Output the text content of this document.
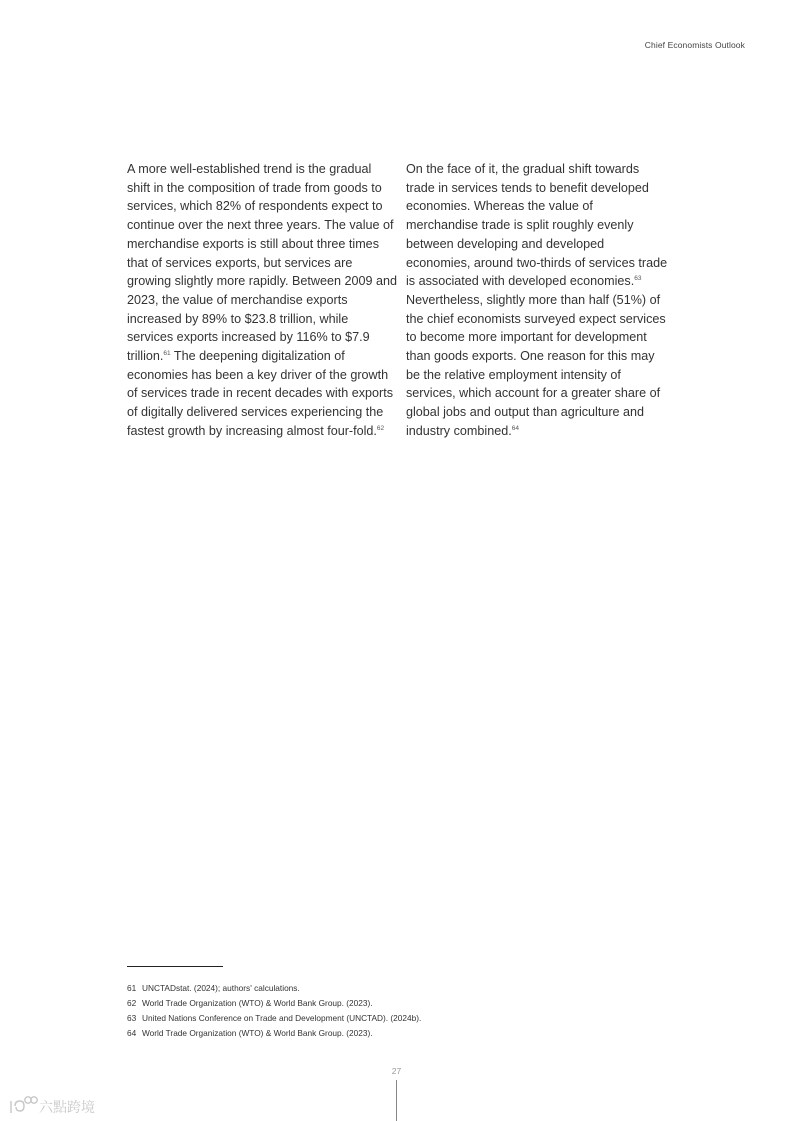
Chief Economists Outlook

A more well-established trend is the gradual shift in the composition of trade from goods to services, which 82% of respondents expect to continue over the next three years. The value of merchandise exports is still about three times that of services exports, but services are growing slightly more rapidly. Between 2009 and 2023, the value of merchandise exports increased by 89% to $23.8 trillion, while services exports increased by 116% to $7.9 trillion.$^{61}$ The deepening digitalization of economies has been a key driver of the growth of services trade in recent decades with exports of digitally delivered services experiencing the fastest growth by increasing almost four-fold.$^{62}$

On the face of it, the gradual shift towards trade in services tends to benefit developed economies. Whereas the value of merchandise trade is split roughly evenly between developing and developed economies, around two-thirds of services trade is associated with developed economies.$^{63}$ Nevertheless, slightly more than half (51%) of the chief economists surveyed expect services to become more important for development than goods exports. One reason for this may be the relative employment intensity of services, which account for a greater share of global jobs and output than agriculture and industry combined.$^{64}$

61 UNCTADstat. (2024); authors' calculations.
62 World Trade Organization (WTO) & World Bank Group. (2023).
63 United Nations Conference on Trade and Development (UNCTAD). (2024b).
64 World Trade Organization (WTO) & World Bank Group. (2023).
27
六點跨境
